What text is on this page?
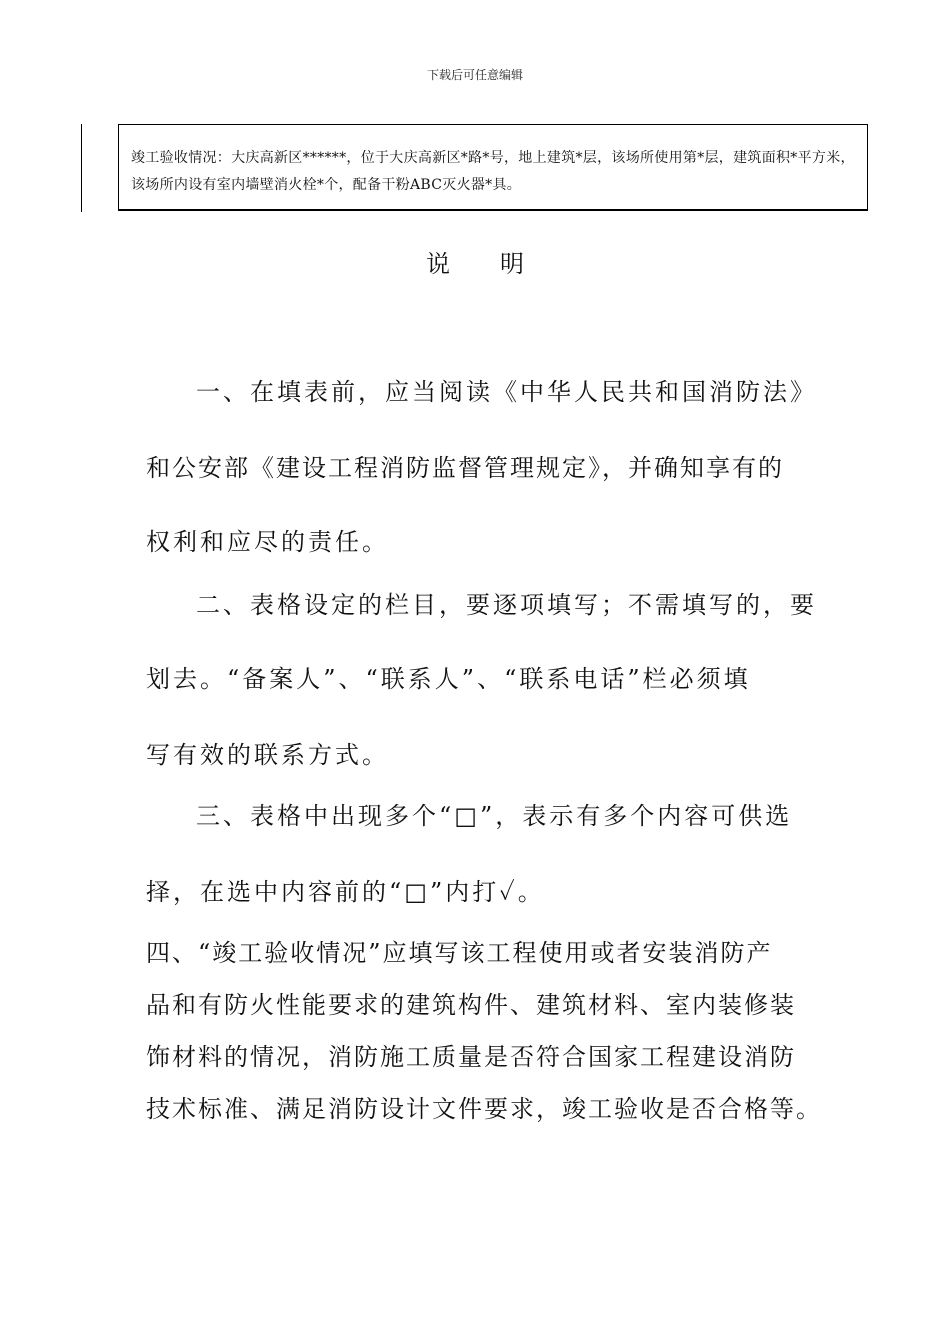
下载后可任意编辑
竣工验收情况：大庆高新区******，位于大庆高新区*路*号，地上建筑*层，该场所使用第*层，建筑面积*平方米，该场所内设有室内墙壁消火栓*个，配备干粉ABC灭火器*具。
说明
一、在填表前，应当阅读《中华人民共和国消防法》
和公安部《建设工程消防监督管理规定》，并确知享有的
权利和应尽的责任。
二、表格设定的栏目，要逐项填写；不需填写的，要
划去。“备案人”、“联系人”、“联系电话”栏必须填
写有效的联系方式。
三、表格中出现多个“□”，表示有多个内容可供选
择，在选中内容前的“□”内打✓。
四、“竣工验收情况”应填写该工程使用或者安装消防产
品和有防火性能要求的建筑构件、建筑材料、室内装修装
饰材料的情况，消防施工质量是否符合国家工程建设消防
技术标准、满足消防设计文件要求，竣工验收是否合格等。
